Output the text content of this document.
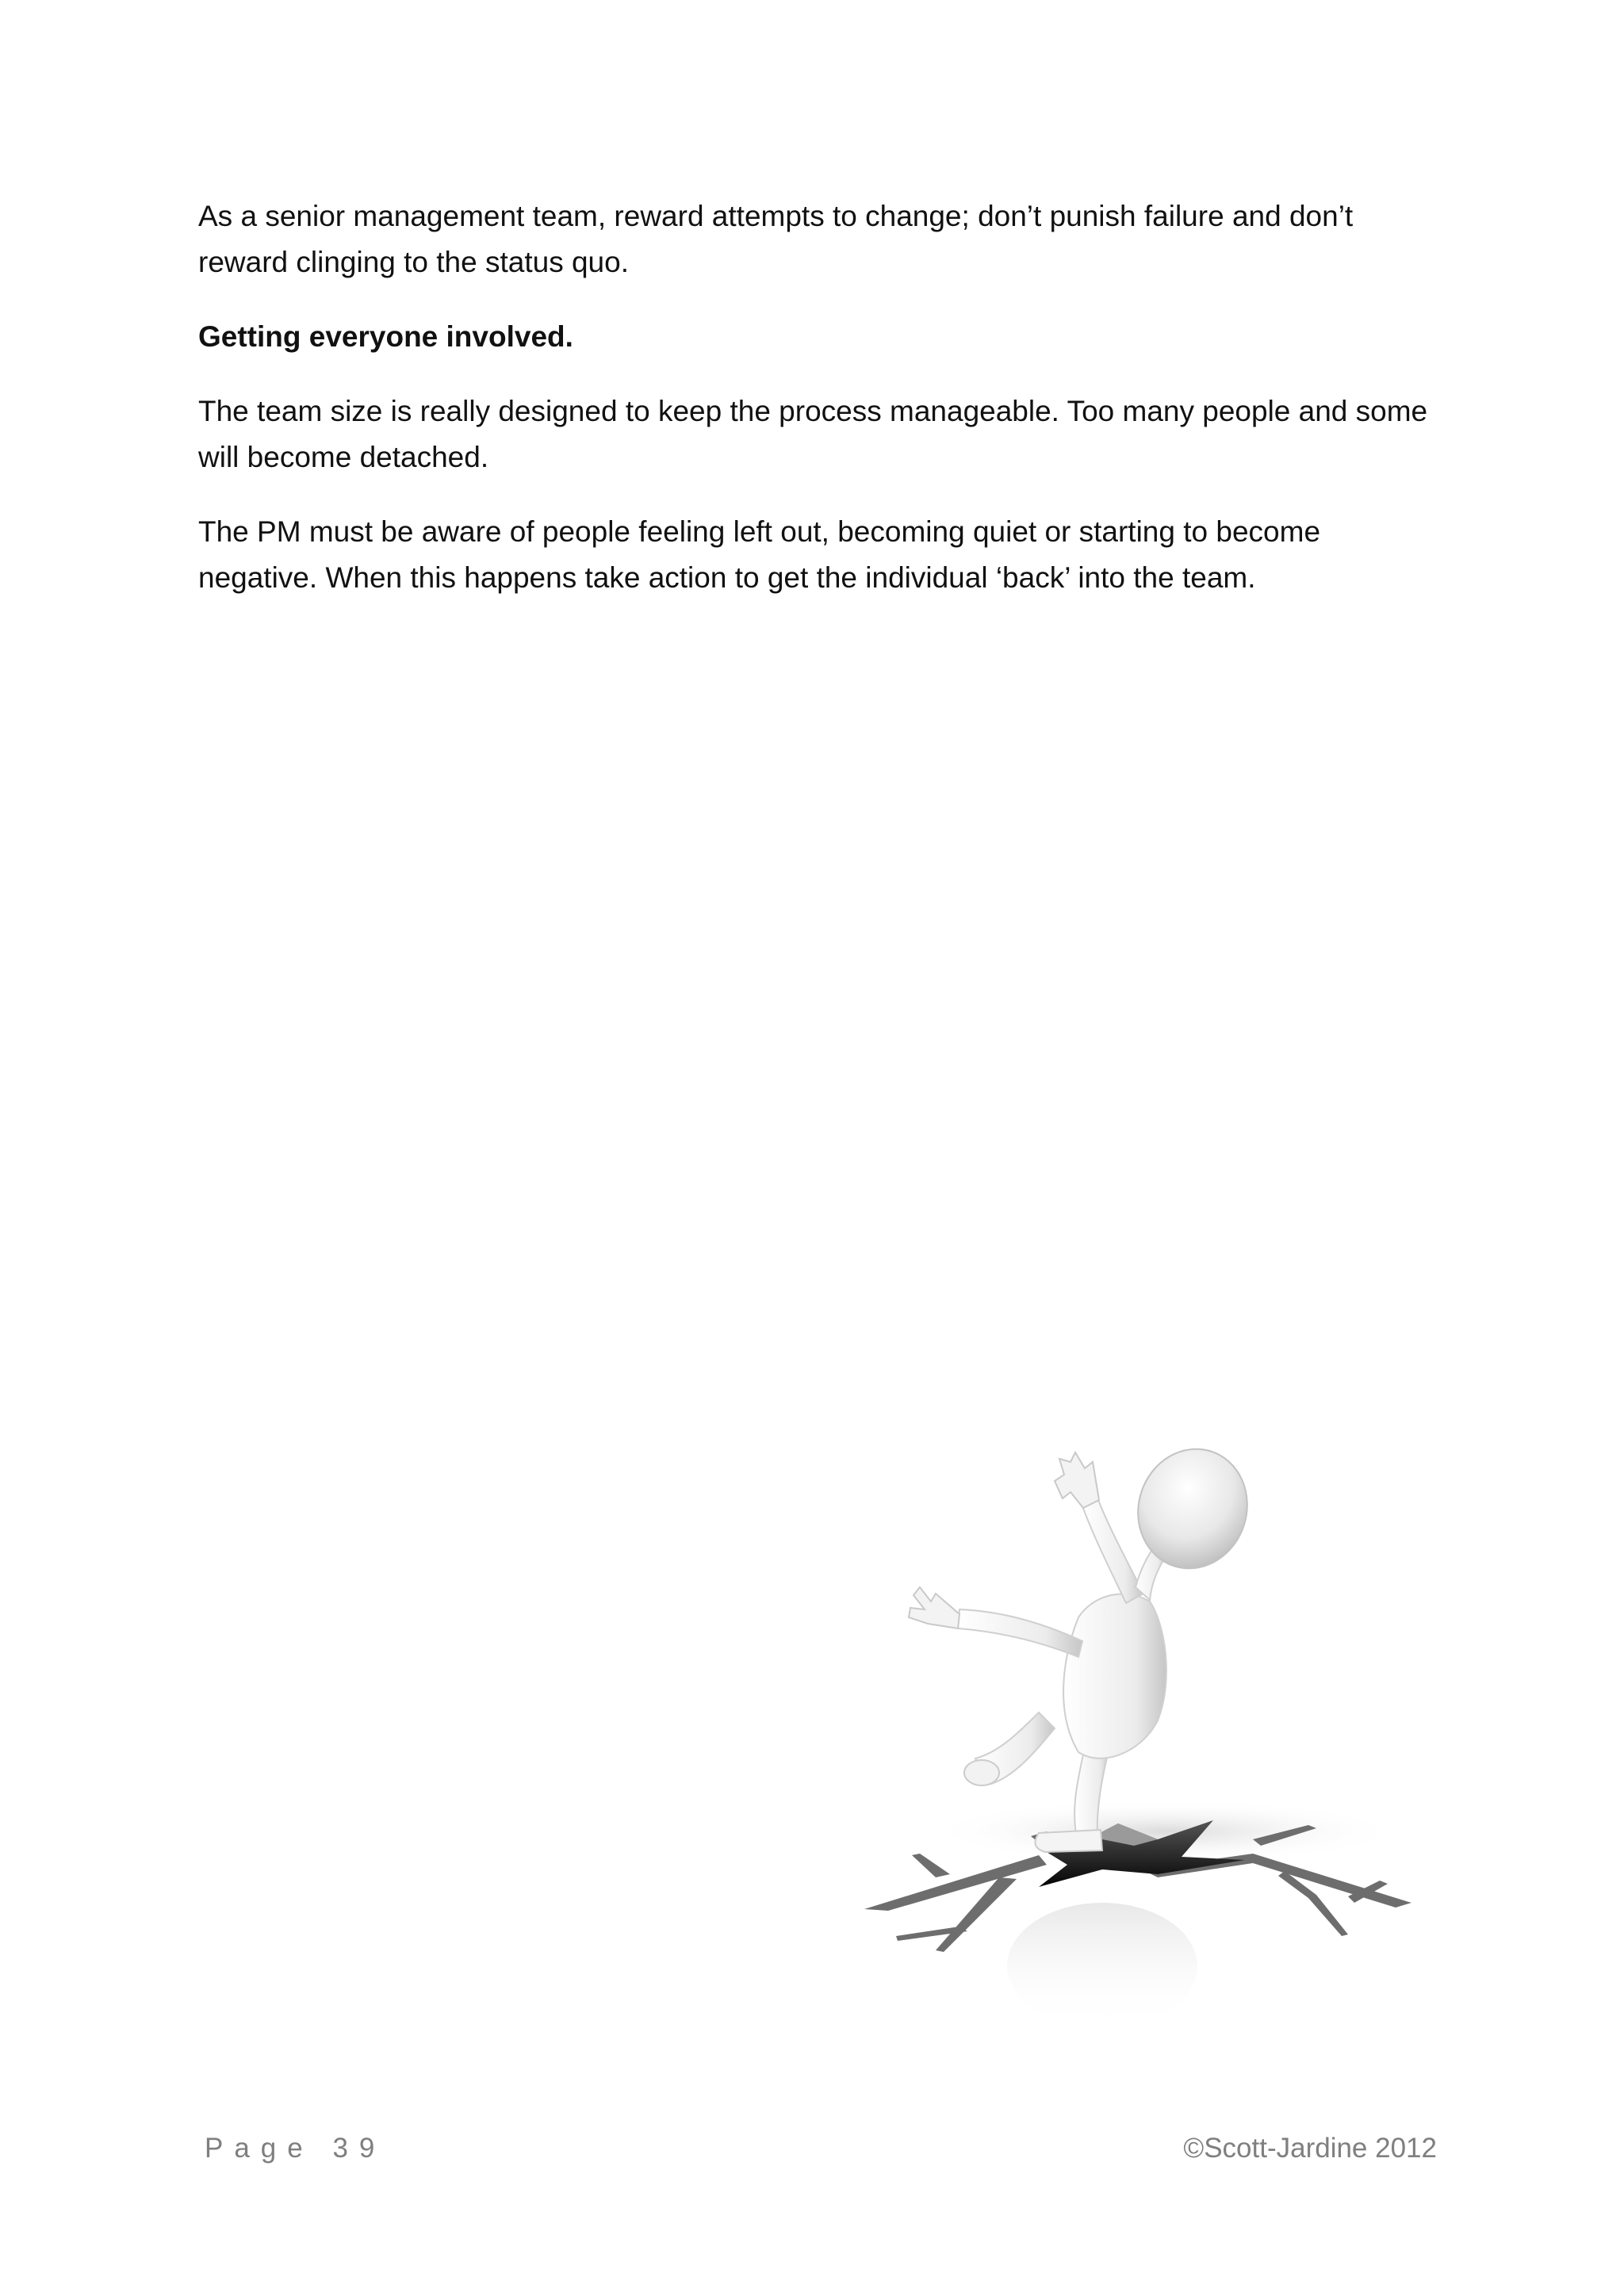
As a senior management team, reward attempts to change; don’t punish failure and don’t reward clinging to the status quo.

Getting everyone involved.

The team size is really designed to keep the process manageable. Too many people and some will become detached.

The PM must be aware of people feeling left out, becoming quiet or starting to become negative. When this happens take action to get the individual ‘back’ into the team.

Page 39	©Scott-Jardine 2012
